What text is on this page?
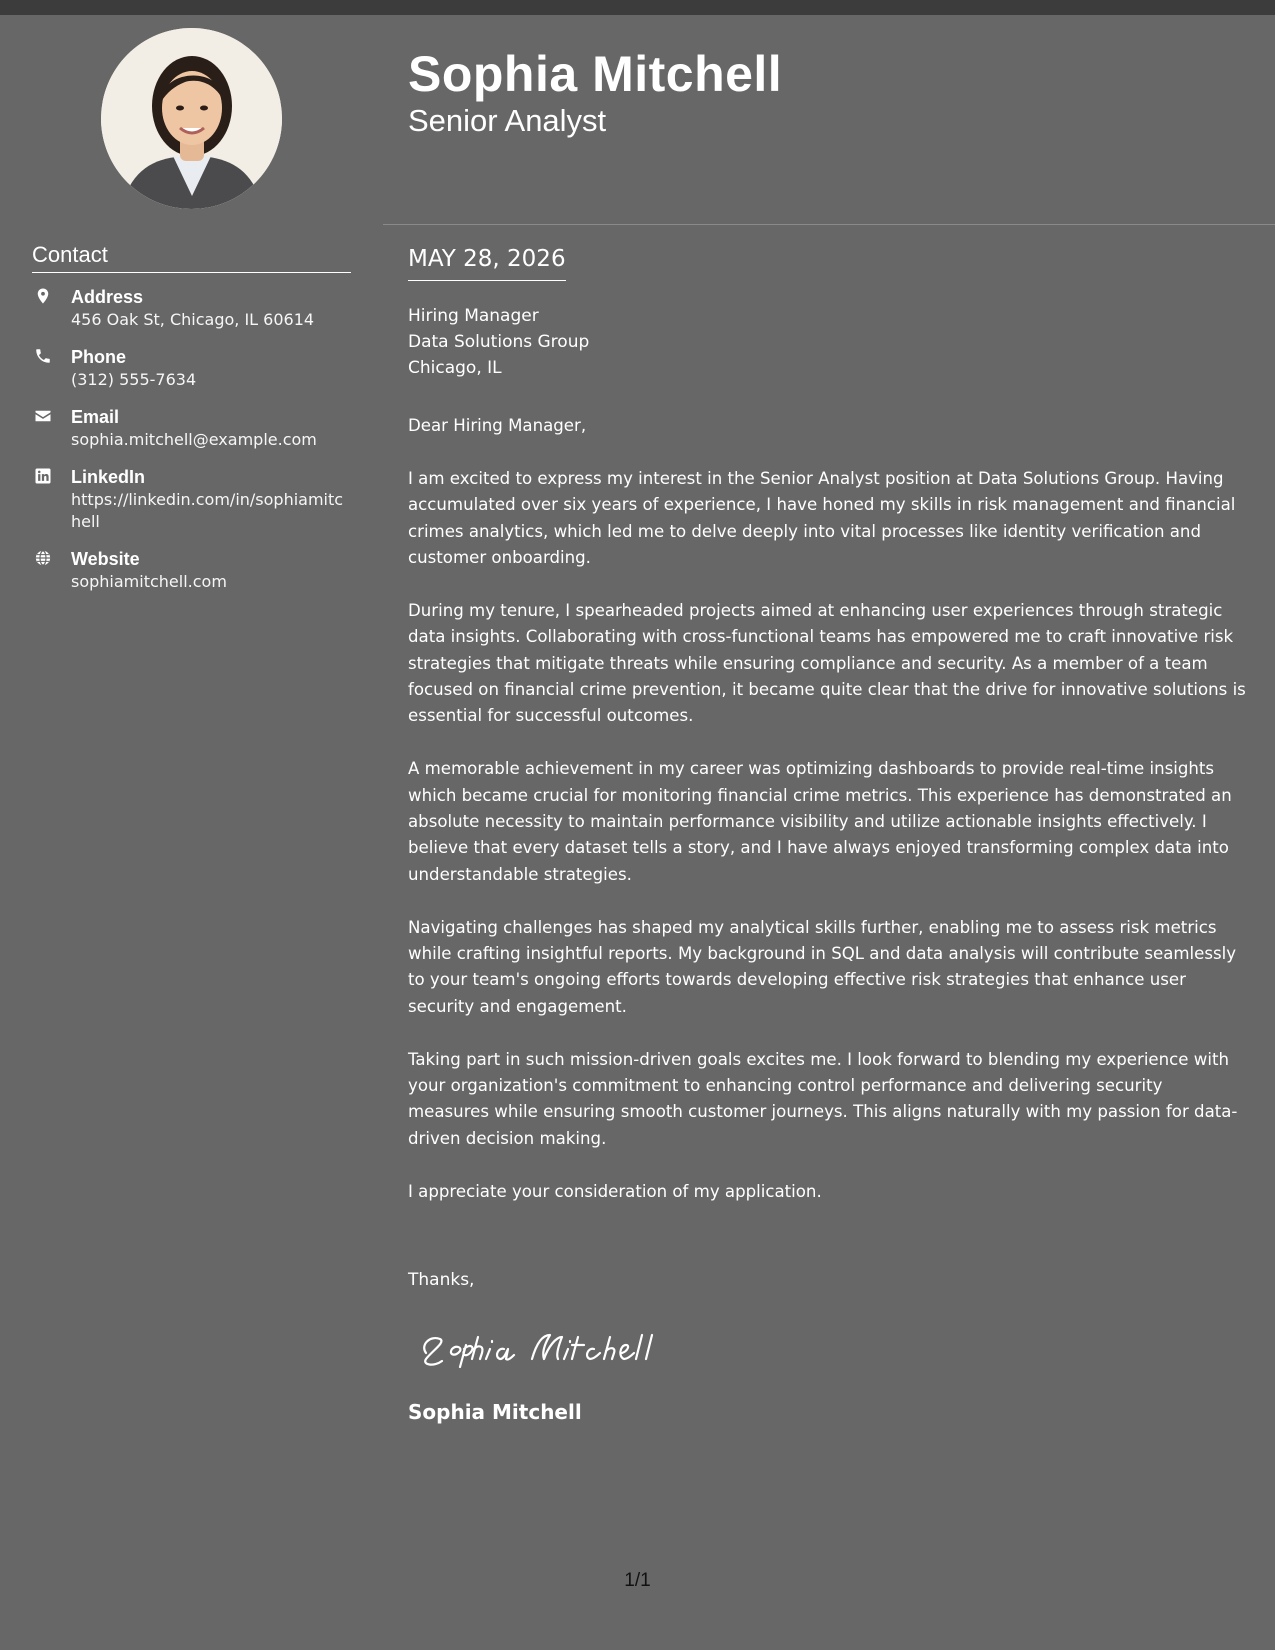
Contact
Address
456 Oak St, Chicago, IL 60614
Phone
(312) 555-7634
Email
sophia.mitchell@example.com
LinkedIn
https://linkedin.com/in/sophiamitchell
Website
sophiamitchell.com
Sophia Mitchell
Senior Analyst
MAY 28, 2026
Hiring Manager
Data Solutions Group
Chicago, IL

Dear Hiring Manager,

I am excited to express my interest in the Senior Analyst position at Data Solutions Group. Having accumulated over six years of experience, I have honed my skills in risk management and financial crimes analytics, which led me to delve deeply into vital processes like identity verification and customer onboarding.

During my tenure, I spearheaded projects aimed at enhancing user experiences through strategic data insights. Collaborating with cross-functional teams has empowered me to craft innovative risk strategies that mitigate threats while ensuring compliance and security. As a member of a team focused on financial crime prevention, it became quite clear that the drive for innovative solutions is essential for successful outcomes.

A memorable achievement in my career was optimizing dashboards to provide real-time insights which became crucial for monitoring financial crime metrics. This experience has demonstrated an absolute necessity to maintain performance visibility and utilize actionable insights effectively. I believe that every dataset tells a story, and I have always enjoyed transforming complex data into understandable strategies.

Navigating challenges has shaped my analytical skills further, enabling me to assess risk metrics while crafting insightful reports. My background in SQL and data analysis will contribute seamlessly to your team's ongoing efforts towards developing effective risk strategies that enhance user security and engagement.

Taking part in such mission-driven goals excites me. I look forward to blending my experience with your organization's commitment to enhancing control performance and delivering security measures while ensuring smooth customer journeys. This aligns naturally with my passion for data-driven decision making.

I appreciate your consideration of my application.

Thanks,
Sophia Mitchell
1/1
